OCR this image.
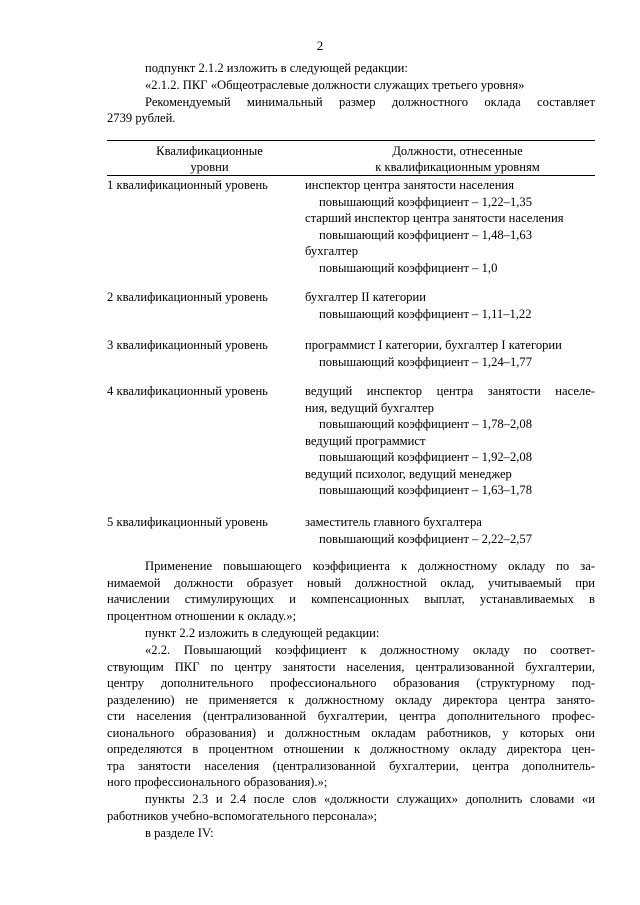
2

подпункт 2.1.2 изложить в следующей редакции:

«2.1.2. ПКГ «Общеотраслевые должности служащих третьего уровня»

Рекомендуемый минимальный размер должностного оклада составляет

2739 рублей.

Квалификационные
уровни
Должности, отнесенные
к квалификационным уровням
1 квалификационный уровень	инспектор центра занятости населения
повышающий коэффициент – 1,22–1,35
старший инспектор центра занятости населения
повышающий коэффициент – 1,48–1,63
бухгалтер
повышающий коэффициент – 1,0
2 квалификационный уровень	бухгалтер II категории
повышающий коэффициент – 1,11–1,22
3 квалификационный уровень	программист I категории, бухгалтер I категории
повышающий коэффициент – 1,24–1,77
4 квалификационный уровень	ведущий инспектор центра занятости населе-
ния, ведущий бухгалтер
повышающий коэффициент – 1,78–2,08
ведущий программист
повышающий коэффициент – 1,92–2,08
ведущий психолог, ведущий менеджер
повышающий коэффициент – 1,63–1,78
5 квалификационный уровень	заместитель главного бухгалтера
повышающий коэффициент – 2,22–2,57
Применение повышающего коэффициента к должностному окладу по за-
нимаемой должности образует новый должностной оклад, учитываемый при
начислении стимулирующих и компенсационных выплат, устанавливаемых в
процентном отношении к окладу.»;

пункт 2.2 изложить в следующей редакции:

«2.2. Повышающий коэффициент к должностному окладу по соответ-
ствующим ПКГ по центру занятости населения, централизованной бухгалтерии,
центру дополнительного профессионального образования (структурному под-
разделению) не применяется к должностному окладу директора центра занято-
сти населения (централизованной бухгалтерии, центра дополнительного профес-
сионального образования) и должностным окладам работников, у которых они
определяются в процентном отношении к должностному окладу директора цен-
тра занятости населения (централизованной бухгалтерии, центра дополнитель-
ного профессионального образования).»;
пункты 2.3 и 2.4 после слов «должности служащих» дополнить словами «и
работников учебно-вспомогательного персонала»;

в разделе IV:
